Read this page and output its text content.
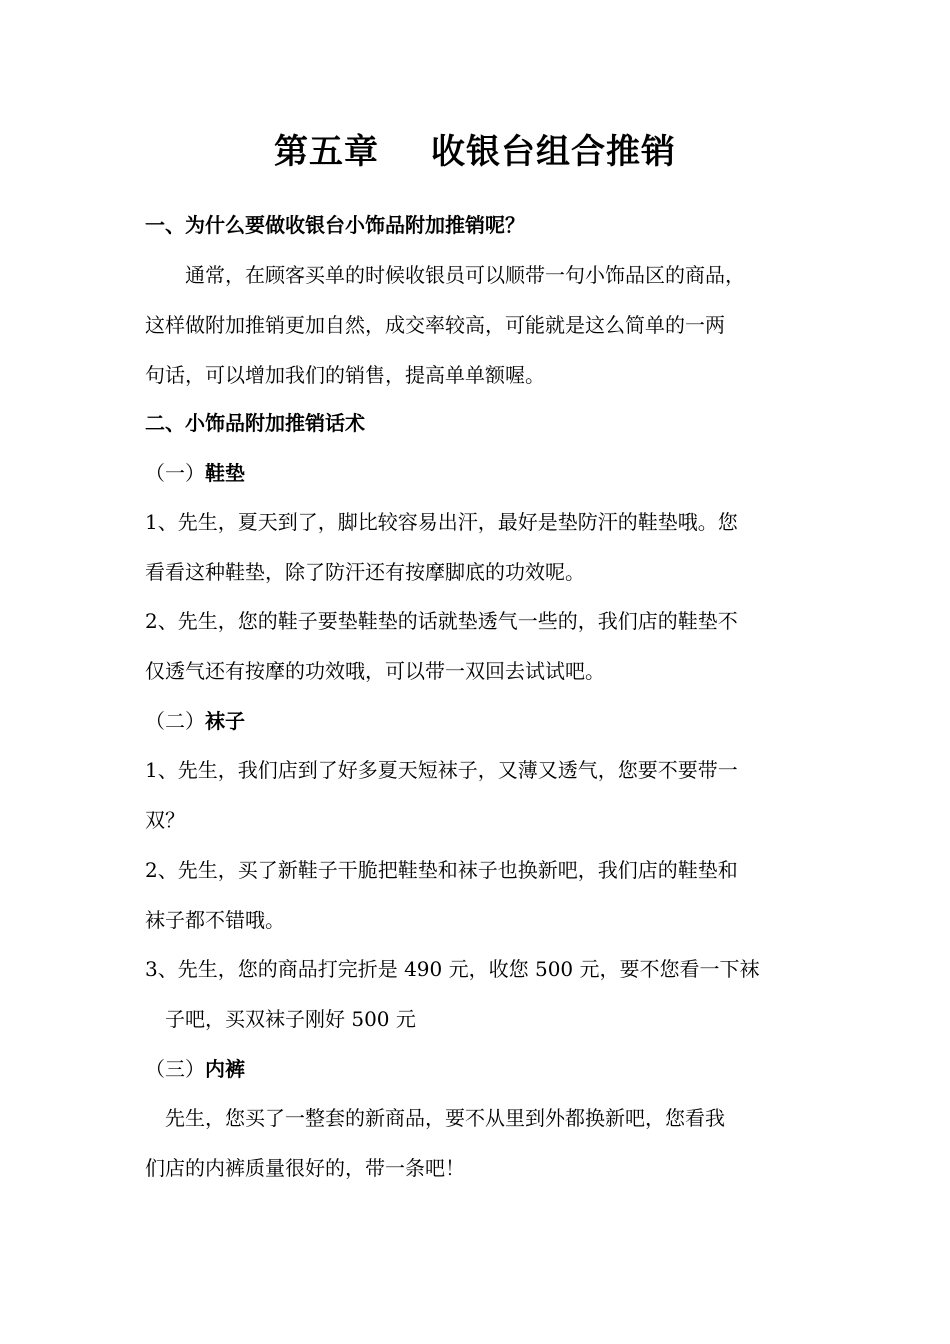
第五章 收银台组合推销
一、为什么要做收银台小饰品附加推销呢？
　　通常，在顾客买单的时候收银员可以顺带一句小饰品区的商品，
这样做附加推销更加自然，成交率较高，可能就是这么简单的一两
句话，可以增加我们的销售，提高单单额喔。
二、小饰品附加推销话术
（一）鞋垫
1、先生，夏天到了，脚比较容易出汗，最好是垫防汗的鞋垫哦。您
看看这种鞋垫，除了防汗还有按摩脚底的功效呢。
2、先生，您的鞋子要垫鞋垫的话就垫透气一些的，我们店的鞋垫不
仅透气还有按摩的功效哦，可以带一双回去试试吧。
（二）袜子
1、先生，我们店到了好多夏天短袜子，又薄又透气，您要不要带一
双？
2、先生，买了新鞋子干脆把鞋垫和袜子也换新吧，我们店的鞋垫和
袜子都不错哦。
3、先生，您的商品打完折是 490 元，收您 500 元，要不您看一下袜
子吧，买双袜子刚好 500 元
（三）内裤
　先生，您买了一整套的新商品，要不从里到外都换新吧，您看我
们店的内裤质量很好的，带一条吧！
